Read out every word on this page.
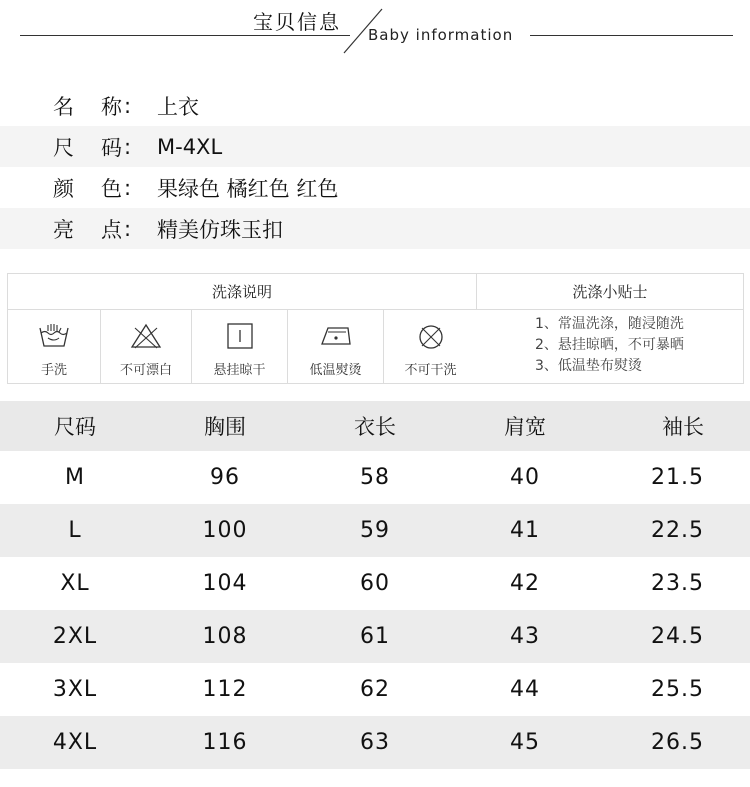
宝贝信息
Baby information
名 称 : 上衣
尺 码 : M-4XL
颜 色 : 果绿色 橘红色 红色
亮 点 : 精美仿珠玉扣
洗涤说明	洗涤小贴士
手洗	不可漂白	悬挂晾干	低温熨烫	不可干洗
1、常温洗涤，随浸随洗
2、悬挂晾晒，不可暴晒
3、低温垫布熨烫
尺码	胸围	衣长	肩宽	袖长
M	96	58	40	21.5
L	100	59	41	22.5
XL	104	60	42	23.5
2XL	108	61	43	24.5
3XL	112	62	44	25.5
4XL	116	63	45	26.5
